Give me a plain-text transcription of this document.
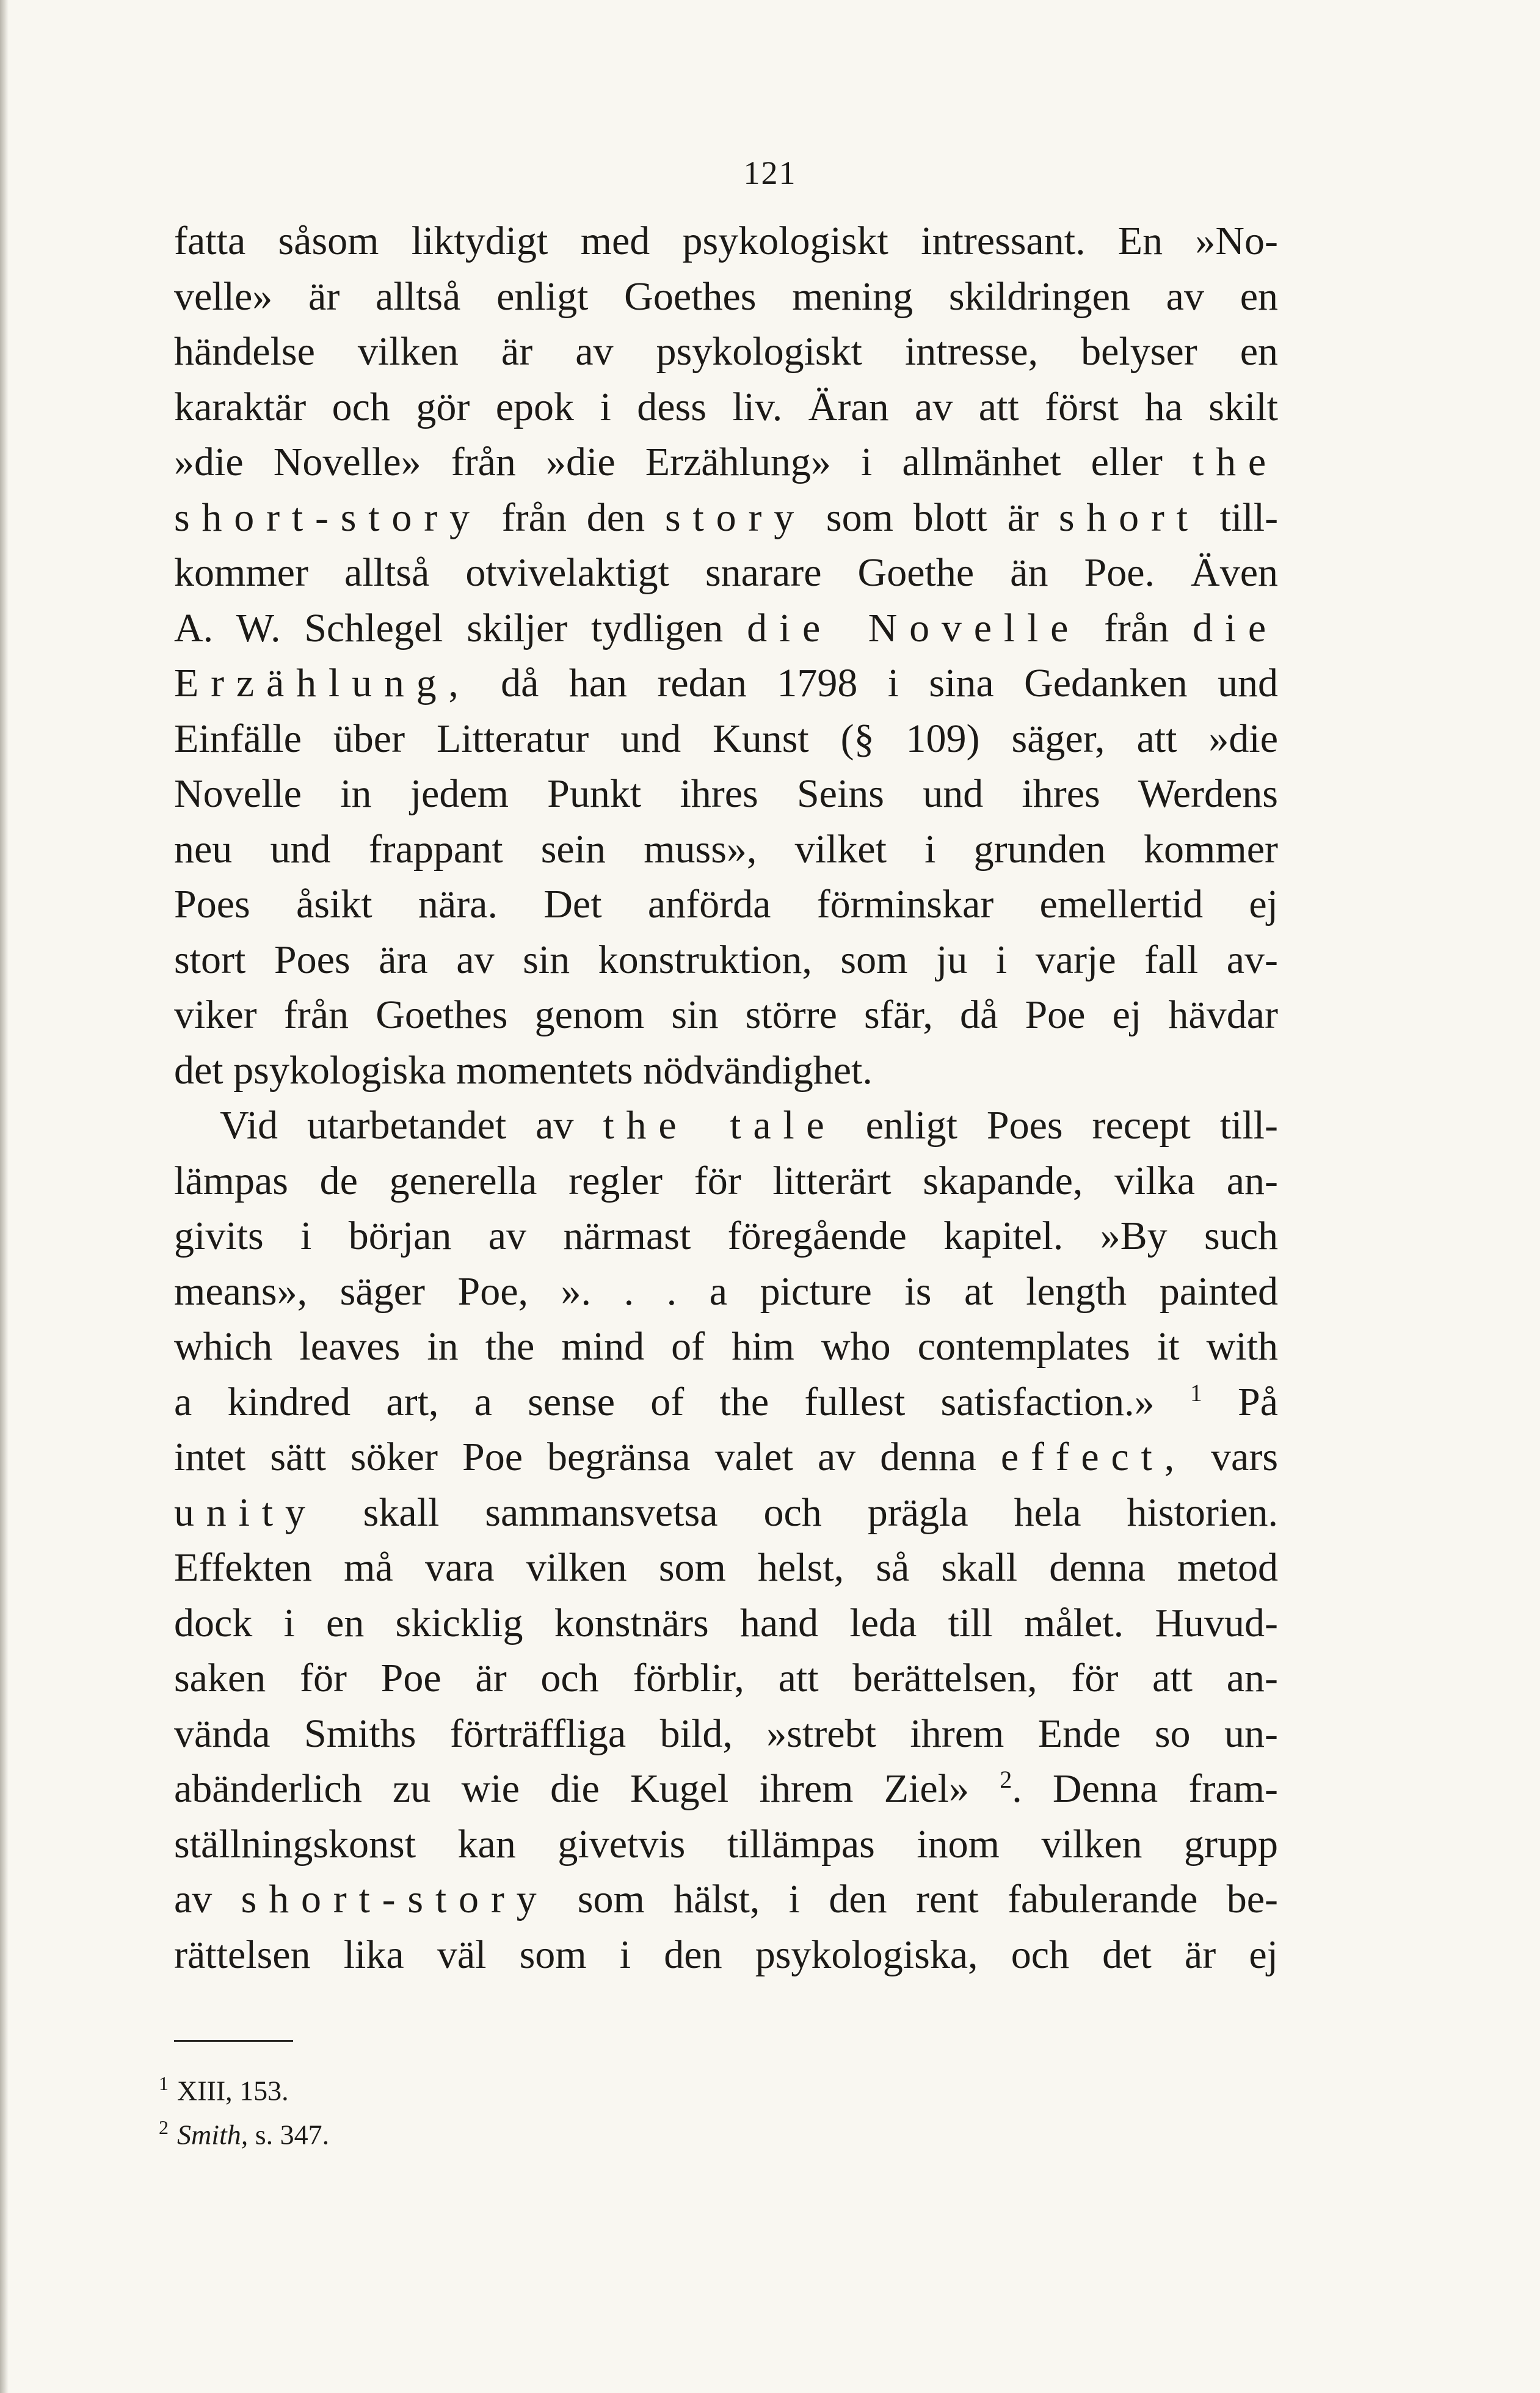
121
fatta såsom liktydigt med psykologiskt intressant. En »No-
velle» är alltså enligt Goethes mening skildringen av en
händelse vilken är av psykologiskt intresse, belyser en
karaktär och gör epok i dess liv. Äran av att först ha skilt
»die Novelle» från »die Erzählung» i allmänhet eller the
short-story från den story som blott är short till-
kommer alltså otvivelaktigt snarare Goethe än Poe. Även
A. W. Schlegel skiljer tydligen die Novelle från die
Erzählung, då han redan 1798 i sina Gedanken und
Einfälle über Litteratur und Kunst (§ 109) säger, att »die
Novelle in jedem Punkt ihres Seins und ihres Werdens
neu und frappant sein muss», vilket i grunden kommer
Poes åsikt nära. Det anförda förminskar emellertid ej
stort Poes ära av sin konstruktion, som ju i varje fall av-
viker från Goethes genom sin större sfär, då Poe ej hävdar
det psykologiska momentets nödvändighet.
Vid utarbetandet av the tale enligt Poes recept till-
lämpas de generella regler för litterärt skapande, vilka an-
givits i början av närmast föregående kapitel. »By such
means», säger Poe, ». . . a picture is at length painted
which leaves in the mind of him who contemplates it with
a kindred art, a sense of the fullest satisfaction.» $^1$ På
intet sätt söker Poe begränsa valet av denna effect, vars
unity skall sammansvetsa och prägla hela historien.
Effekten må vara vilken som helst, så skall denna metod
dock i en skicklig konstnärs hand leda till målet. Huvud-
saken för Poe är och förblir, att berättelsen, för att an-
vända Smiths förträffliga bild, »strebt ihrem Ende so un-
abänderlich zu wie die Kugel ihrem Ziel» $^2$. Denna fram-
ställningskonst kan givetvis tillämpas inom vilken grupp
av short-story som hälst, i den rent fabulerande be-
rättelsen lika väl som i den psykologiska, och det är ej
$^1$ XIII, 153.
$^2$ Smith, s. 347.
